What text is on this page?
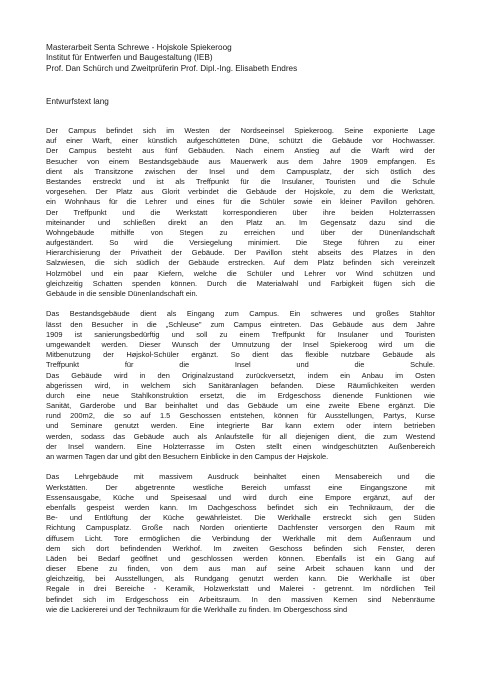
Masterarbeit Senta Schrewe - Hojskole Spiekeroog
Institut für Entwerfen und Baugestaltung (IEB)
Prof. Dan Schürch und Zweitprüferin Prof. Dipl.-Ing. Elisabeth Endres
Entwurfstext lang
Der Campus befindet sich im Westen der Nordseeinsel Spiekeroog. Seine exponierte Lage
auf einer Warft, einer künstlich aufgeschütteten Düne, schützt die Gebäude vor Hochwasser.
Der Campus besteht aus fünf Gebäuden. Nach einem Anstieg auf die Warft wird der
Besucher von einem Bestandsgebäude aus Mauerwerk aus dem Jahre 1909 empfangen. Es
dient als Transitzone zwischen der Insel und dem Campusplatz, der sich östlich des
Bestandes erstreckt und ist als Treffpunkt für die Insulaner, Touristen und die Schule
vorgesehen. Der Platz aus Glorit verbindet die Gebäude der Hojskole, zu dem die Werkstatt,
ein Wohnhaus für die Lehrer und eines für die Schüler sowie ein kleiner Pavillon gehören.
Der Treffpunkt und die Werkstatt korrespondieren über ihre beiden Holzterrassen
miteinander und schließen direkt an den Platz an. Im Gegensatz dazu sind die
Wohngebäude mithilfe von Stegen zu erreichen und über der Dünenlandschaft
aufgeständert. So wird die Versiegelung minimiert. Die Stege führen zu einer
Hierarchisierung der Privatheit der Gebäude. Der Pavillon steht abseits des Platzes in den
Salzwiesen, die sich südlich der Gebäude erstrecken. Auf dem Platz befinden sich vereinzelt
Holzmöbel und ein paar Kiefern, welche die Schüler und Lehrer vor Wind schützen und
gleichzeitig Schatten spenden können. Durch die Materialwahl und Farbigkeit fügen sich die
Gebäude in die sensible Dünenlandschaft ein.
Das Bestandsgebäude dient als Eingang zum Campus. Ein schweres und großes Stahltor
lässt den Besucher in die „Schleuse" zum Campus eintreten. Das Gebäude aus dem Jahre
1909 ist sanierungsbedürftig und soll zu einem Treffpunkt für Insulaner und Touristen
umgewandelt werden. Dieser Wunsch der Umnutzung der Insel Spiekeroog wird um die
Mitbenutzung der Højskol-Schüler ergänzt. So dient das flexible nutzbare Gebäude als
Treffpunkt für die Insel und die Schule.
Das Gebäude wird in den Originalzustand zurückversetzt, indem ein Anbau im Osten
abgerissen wird, in welchem sich Sanitäranlagen befanden. Diese Räumlichkeiten werden
durch eine neue Stahlkonstruktion ersetzt, die im Erdgeschoss dienende Funktionen wie
Sanität, Garderobe und Bar beinhaltet und das Gebäude um eine zweite Ebene ergänzt. Die
rund 200m2, die so auf 1.5 Geschossen entstehen, können für Ausstellungen, Partys, Kurse
und Seminare genutzt werden. Eine integrierte Bar kann extern oder intern betrieben
werden, sodass das Gebäude auch als Anlaufstelle für all diejenigen dient, die zum Westend
der Insel wandern. Eine Holzterrasse im Osten stellt einen windgeschützten Außenbereich
an warmen Tagen dar und gibt den Besuchern Einblicke in den Campus der Højskole.
Das Lehrgebäude mit massivem Ausdruck beinhaltet einen Mensabereich und die
Werkstätten. Der abgetrennte westliche Bereich umfasst eine Eingangszone mit
Essensausgabe, Küche und Speisesaal und wird durch eine Empore ergänzt, auf der
ebenfalls gespeist werden kann. Im Dachgeschoss befindet sich ein Technikraum, der die
Be- und Entlüftung der Küche gewährleistet. Die Werkhalle erstreckt sich gen Süden
Richtung Campusplatz. Große nach Norden orientierte Dachfenster versorgen den Raum mit
diffusem Licht. Tore ermöglichen die Verbindung der Werkhalle mit dem Außenraum und
dem sich dort befindenden Werkhof. Im zweiten Geschoss befinden sich Fenster, deren
Läden bei Bedarf geöffnet und geschlossen werden können. Ebenfalls ist ein Gang auf
dieser Ebene zu finden, von dem aus man auf seine Arbeit schauen kann und der
gleichzeitig, bei Ausstellungen, als Rundgang genutzt werden kann. Die Werkhalle ist über
Regale in drei Bereiche - Keramik, Holzwerkstatt und Malerei - getrennt. Im nördlichen Teil
befindet sich im Erdgeschoss ein Arbeitsraum. In den massiven Kernen sind Nebenräume
wie die Lackiererei und der Technikraum für die Werkhalle zu finden. Im Obergeschoss sind
